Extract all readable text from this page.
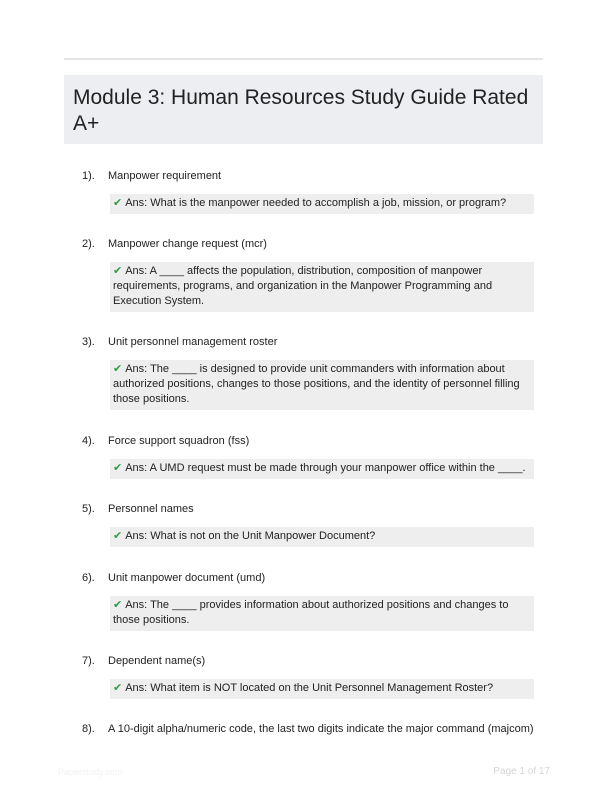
Module 3: Human Resources Study Guide Rated A+
1). Manpower requirement
✔ Ans: What is the manpower needed to accomplish a job, mission, or program?
2). Manpower change request (mcr)
✔ Ans: A ____ affects the population, distribution, composition of manpower requirements, programs, and organization in the Manpower Programming and Execution System.
3). Unit personnel management roster
✔ Ans: The ____ is designed to provide unit commanders with information about authorized positions, changes to those positions, and the identity of personnel filling those positions.
4). Force support squadron (fss)
✔ Ans: A UMD request must be made through your manpower office within the ____.
5). Personnel names
✔ Ans: What is not on the Unit Manpower Document?
6). Unit manpower document (umd)
✔ Ans: The ____ provides information about authorized positions and changes to those positions.
7). Dependent name(s)
✔ Ans: What item is NOT located on the Unit Personnel Management Roster?
8). A 10-digit alpha/numeric code, the last two digits indicate the major command (majcom)
Paperstudy.com	Page 1 of 17
